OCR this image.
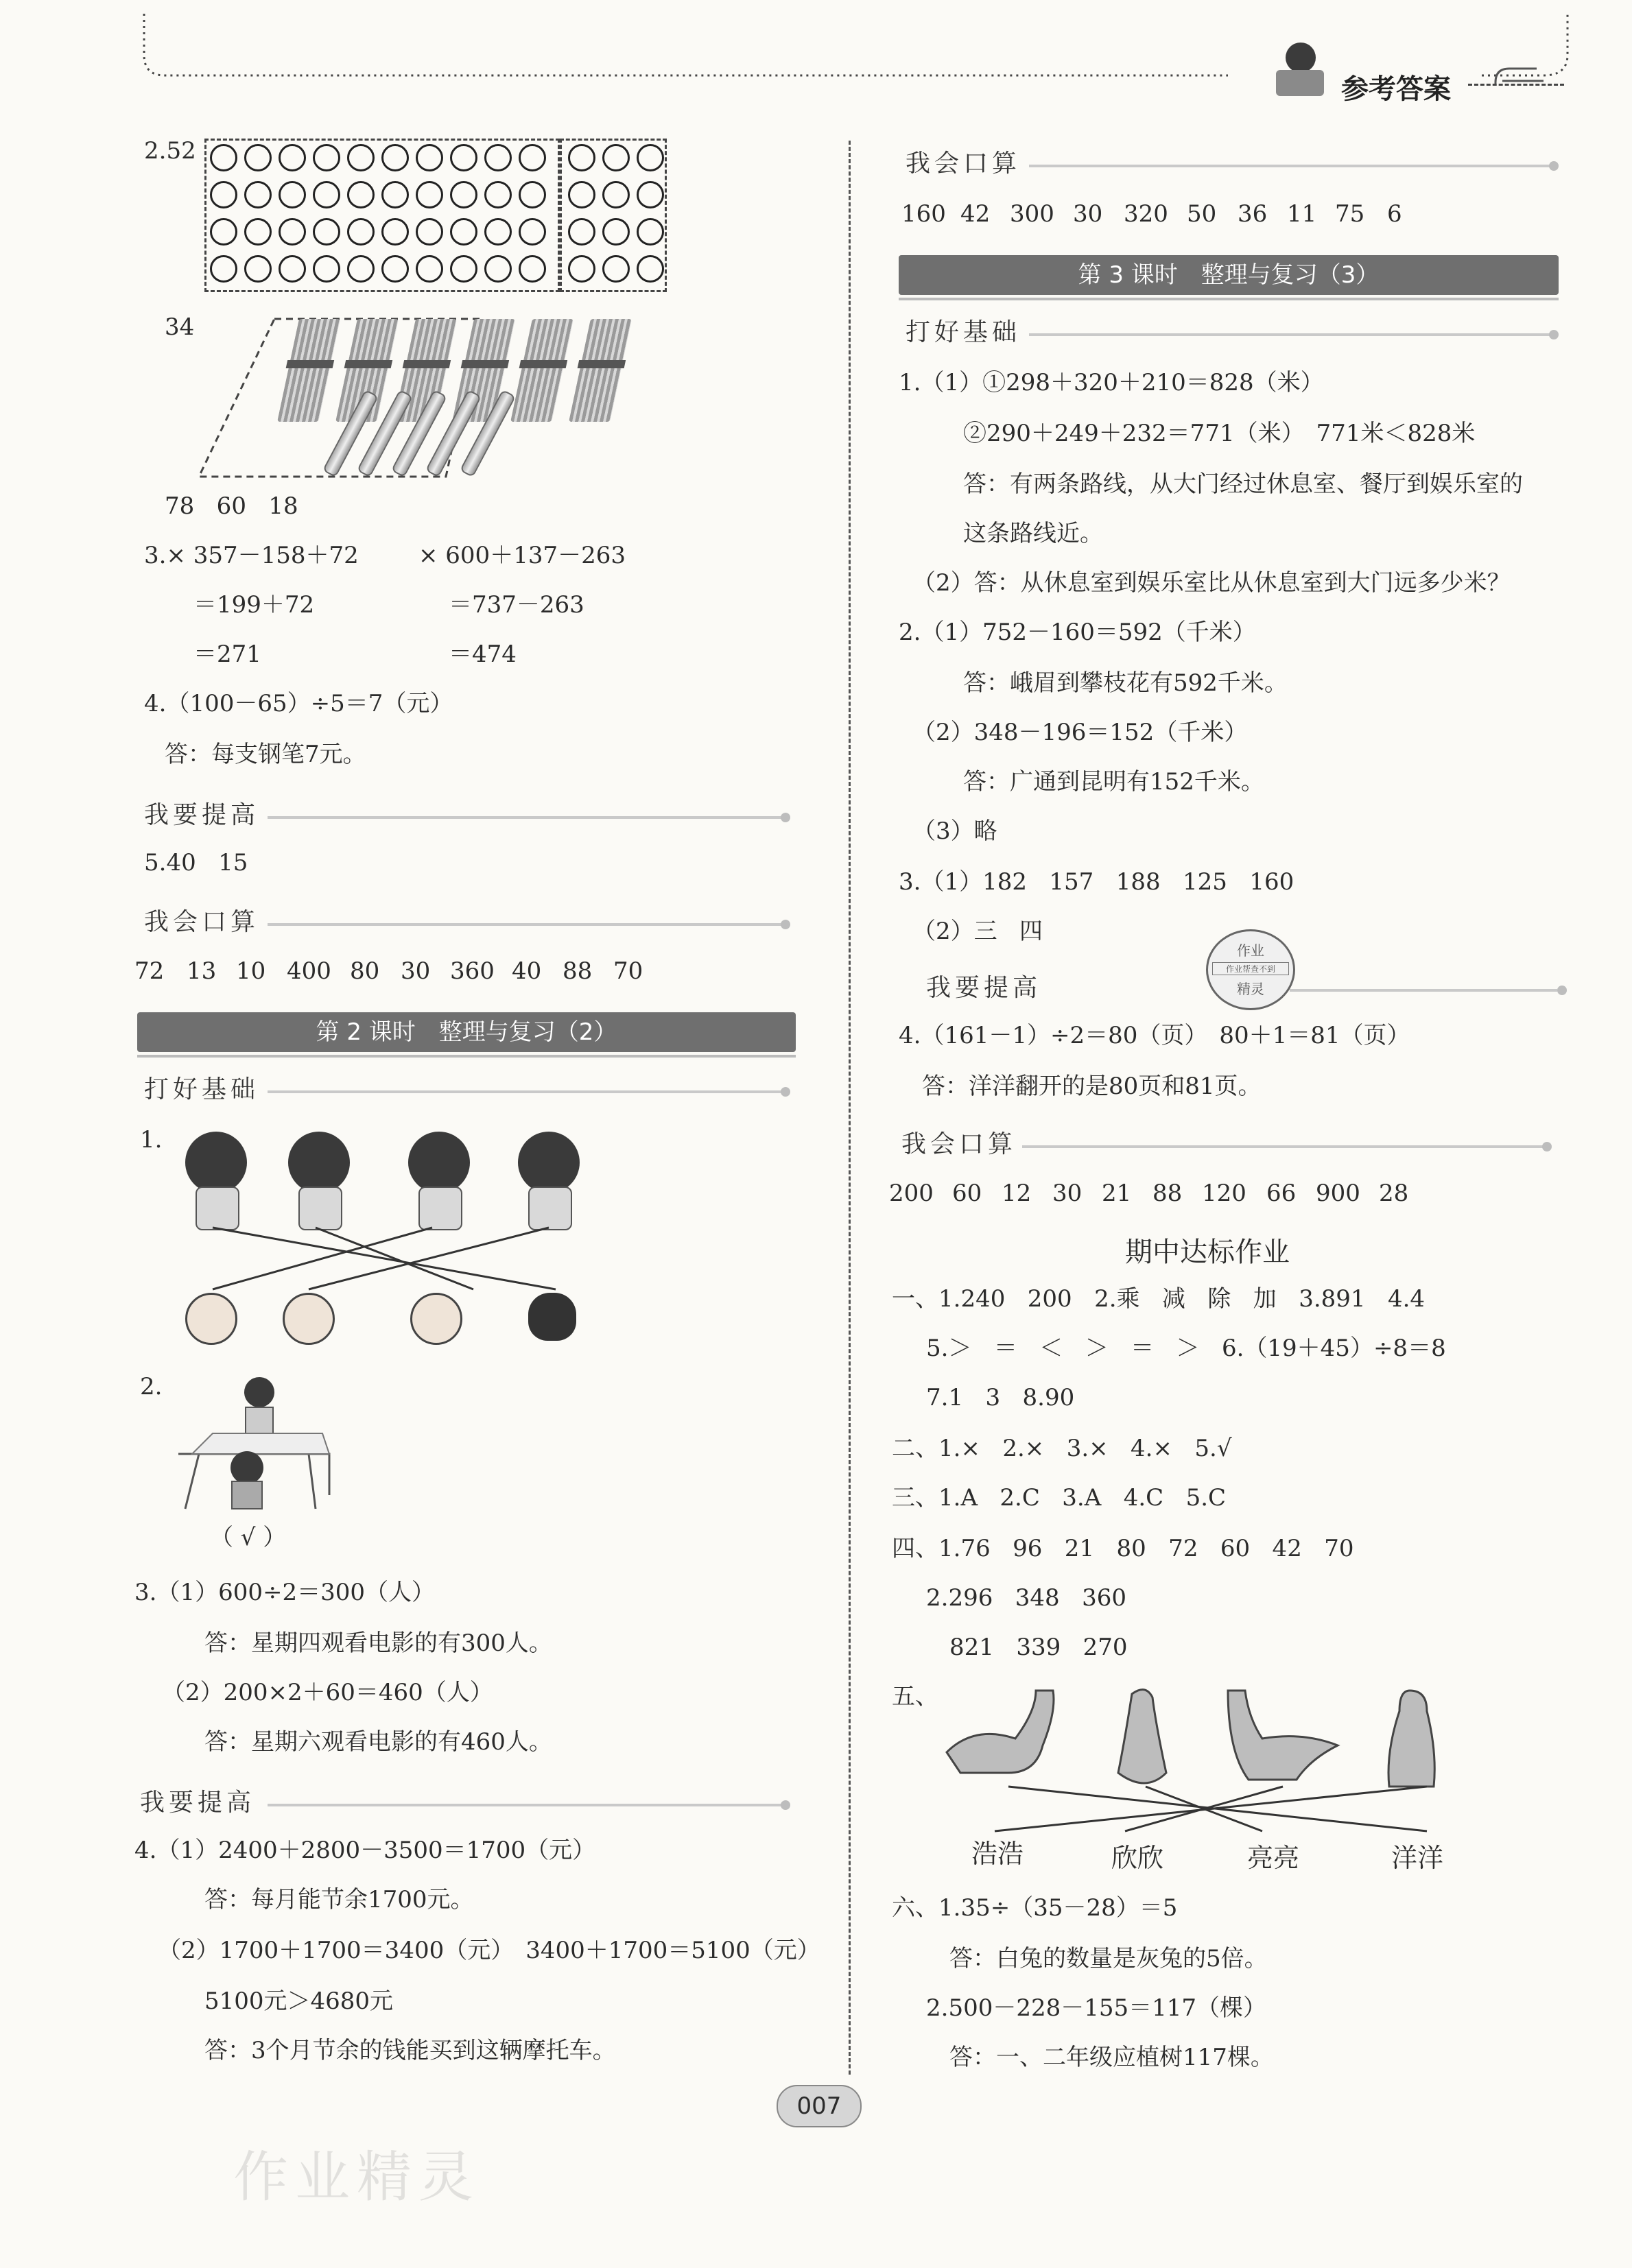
参考答案
2.52
34
78   60   18
3.× 357－158＋72	× 600＋137－263
＝199＋72	＝737－263
＝271	＝474
4.（100－65）÷5＝7（元）
答：每支钢笔7元。
我要提高
5.40   15
我会口算
72 13 10 400 80 30 360 40 88 70
第 2 课时　整理与复习（2）
打好基础
1.
2.
（ √ ）
3.（1）600÷2＝300（人）
答：星期四观看电影的有300人。
（2）200×2＋60＝460（人）
答：星期六观看电影的有460人。
我要提高
4.（1）2400＋2800－3500＝1700（元）
答：每月能节余1700元。
（2）1700＋1700＝3400（元）　3400＋1700＝5100（元）
5100元＞4680元
答：3个月节余的钱能买到这辆摩托车。
我会口算
160 42 300 30 320 50 36 11 75 6
第 3 课时　整理与复习（3）
打好基础
1.（1）①298＋320＋210＝828（米）
②290＋249＋232＝771（米）　771米＜828米
答：有两条路线，从大门经过休息室、餐厅到娱乐室的
这条路线近。
（2）答：从休息室到娱乐室比从休息室到大门远多少米？
2.（1）752－160＝592（千米）
答：峨眉到攀枝花有592千米。
（2）348－196＝152（千米）
答：广通到昆明有152千米。
（3）略
3.（1）182   157   188   125   160
（2）三   四
作业
作业帮查不到
精灵
我要提高
4.（161－1）÷2＝80（页）　80＋1＝81（页）
答：洋洋翻开的是80页和81页。
我会口算
200 60 12 30 21 88 120 66 900 28
期中达标作业
一、1.240   200   2.乘   减   除   加   3.891   4.4
5.＞   ＝   ＜   ＞   ＝   ＞   6.（19＋45）÷8＝8
7.1   3   8.90
二、1.×   2.×   3.×   4.×   5.√
三、1.A   2.C   3.A   4.C   5.C
四、1.76   96   21   80   72   60   42   70
2.296   348   360
821   339   270
五、
浩浩	欣欣	亮亮	洋洋
六、1.35÷（35－28）＝5
答：白兔的数量是灰兔的5倍。
2.500－228－155＝117（棵）
答：一、二年级应植树117棵。
007
作业精灵
